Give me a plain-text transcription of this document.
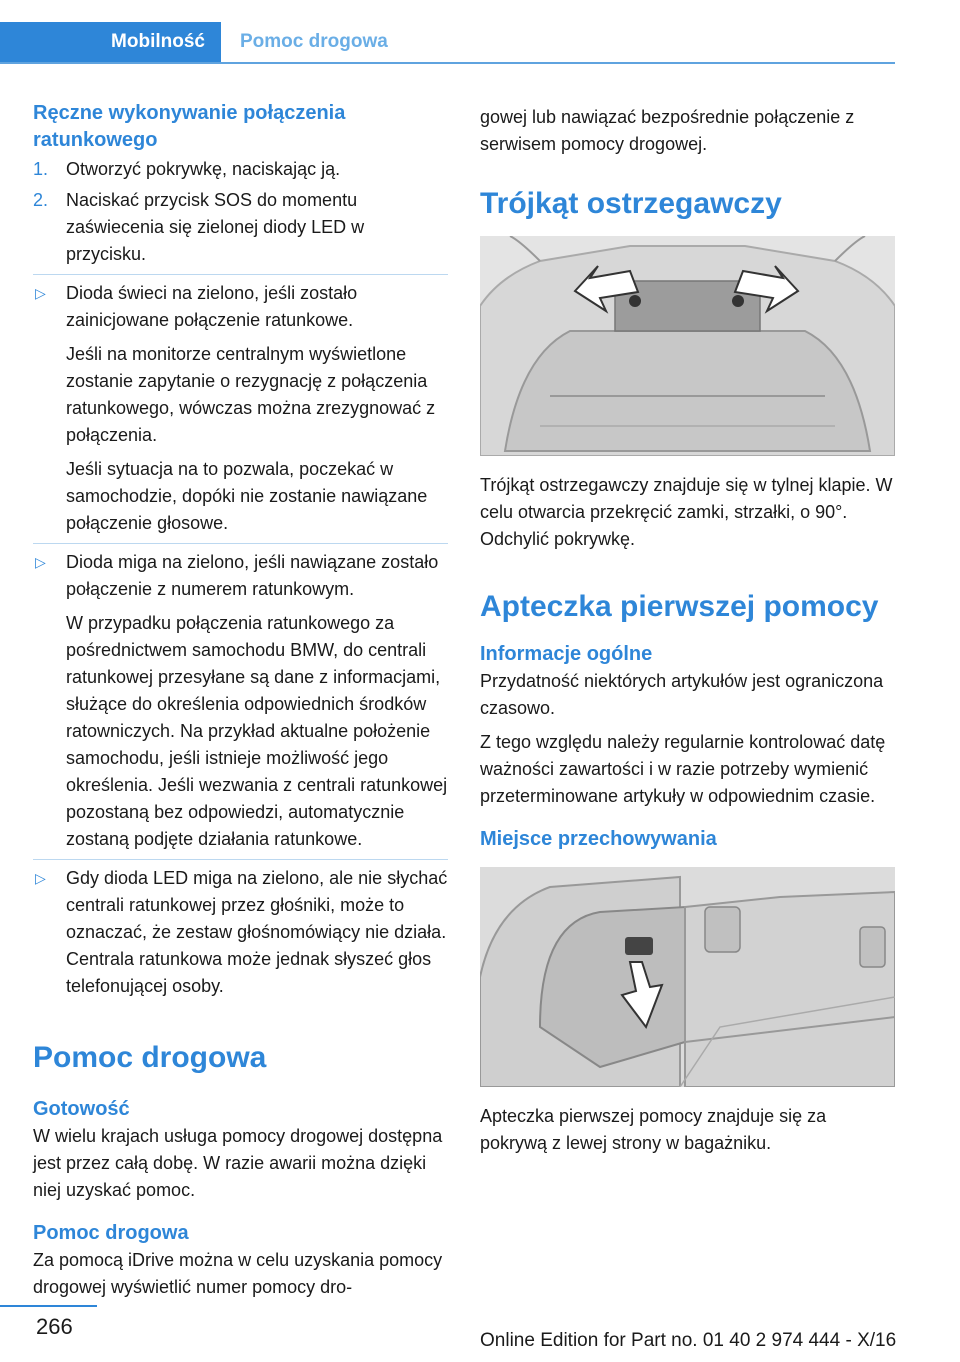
Mobilność	Pomoc drogowa
Ręczne wykonywanie połączenia ratunkowego
1. Otworzyć pokrywkę, naciskając ją.

2. Naciskać przycisk SOS do momentu zaświecenia się zielonej diody LED w przycisku.

▷	Dioda świeci na zielono, jeśli zostało zainicjowane połączenie ratunkowe.

Jeśli na monitorze centralnym wyświetlone zostanie zapytanie o rezygnację z połączenia ratunkowego, wówczas można zrezygnować z połączenia.

Jeśli sytuacja na to pozwala, poczekać w samochodzie, dopóki nie zostanie nawiązane połączenie głosowe.

▷	Dioda miga na zielono, jeśli nawiązane zostało połączenie z numerem ratunkowym.

W przypadku połączenia ratunkowego za pośrednictwem samochodu BMW, do centrali ratunkowej przesyłane są dane z informacjami, służące do określenia odpowiednich środków ratowniczych. Na przykład aktualne położenie samochodu, jeśli istnieje możliwość jego określenia. Jeśli wezwania z centrali ratunkowej pozostaną bez odpowiedzi, automatycznie zostaną podjęte działania ratunkowe.

▷	Gdy dioda LED miga na zielono, ale nie słychać centrali ratunkowej przez głośniki, może to oznaczać, że zestaw głośnomówiący nie działa. Centrala ratunkowa może jednak słyszeć głos telefonującej osoby.

Pomoc drogowa
Gotowość

W wielu krajach usługa pomocy drogowej dostępna jest przez całą dobę. W razie awarii można dzięki niej uzyskać pomoc.

Pomoc drogowa

Za pomocą iDrive można w celu uzyskania pomocy drogowej wyświetlić numer pomocy dro-

gowej lub nawiązać bezpośrednie połączenie z serwisem pomocy drogowej.

Trójkąt ostrzegawczy

Trójkąt ostrzegawczy znajduje się w tylnej klapie. W celu otwarcia przekręcić zamki, strzałki, o 90°. Odchylić pokrywkę.

Apteczka pierwszej pomocy
Informacje ogólne

Przydatność niektórych artykułów jest ograniczona czasowo.

Z tego względu należy regularnie kontrolować datę ważności zawartości i w razie potrzeby wymienić przeterminowane artykuły w odpowiednim czasie.

Miejsce przechowywania

Apteczka pierwszej pomocy znajduje się za pokrywą z lewej strony w bagażniku.

266
Online Edition for Part no. 01 40 2 974 444 - X/16
